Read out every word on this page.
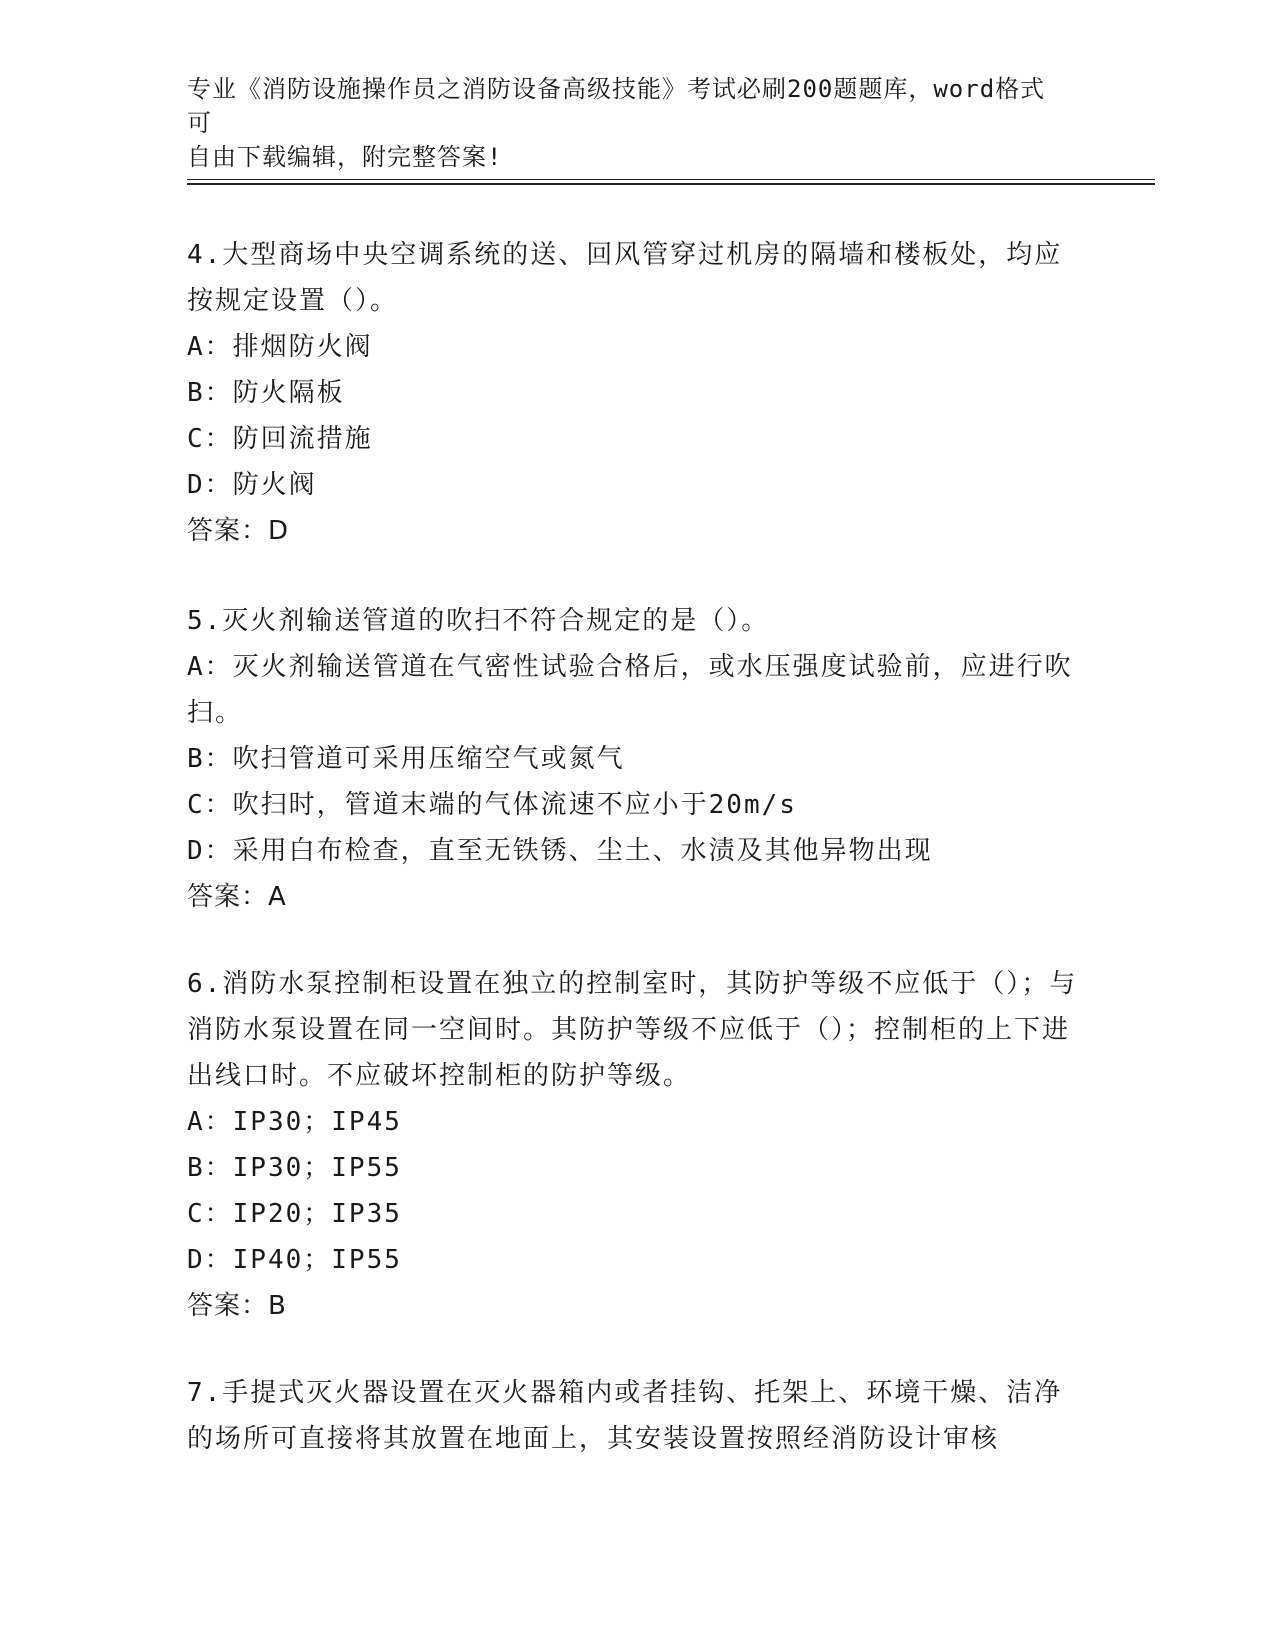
专业《消防设施操作员之消防设备高级技能》考试必刷200题题库，word格式可
自由下载编辑，附完整答案!

4.大型商场中央空调系统的送、回风管穿过机房的隔墙和楼板处，均应按规定设置（）。

A：排烟防火阀

B：防火隔板

C：防回流措施

D：防火阀

答案：D

5.灭火剂输送管道的吹扫不符合规定的是（）。

A：灭火剂输送管道在气密性试验合格后，或水压强度试验前，应进行吹扫。

B：吹扫管道可采用压缩空气或氮气

C：吹扫时，管道末端的气体流速不应小于20m/s

D：采用白布检查，直至无铁锈、尘土、水渍及其他异物出现

答案：A

6.消防水泵控制柜设置在独立的控制室时，其防护等级不应低于（）；与消防水泵设置在同一空间时。其防护等级不应低于（）；控制柜的上下进出线口时。不应破坏控制柜的防护等级。

A：IP30；IP45

B：IP30；IP55

C：IP20；IP35

D：IP40；IP55

答案：B

7.手提式灭火器设置在灭火器箱内或者挂钩、托架上、环境干燥、洁净的场所可直接将其放置在地面上，其安装设置按照经消防设计审核
